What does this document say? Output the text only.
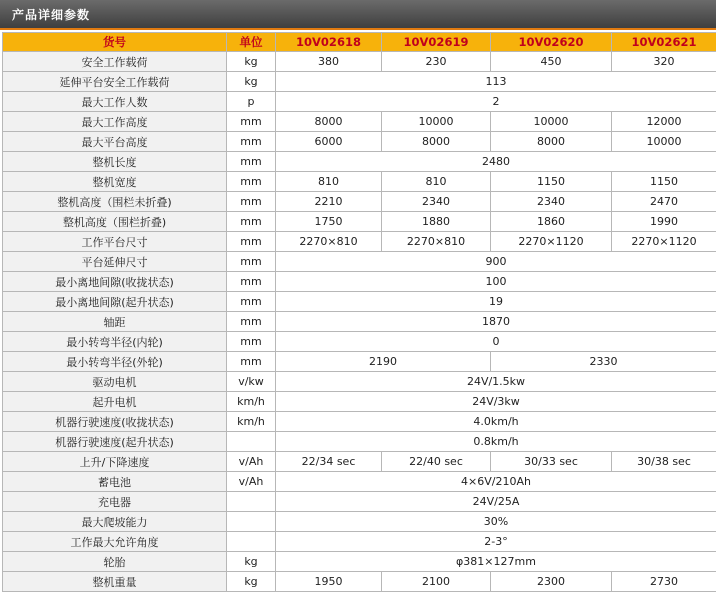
产品详细参数
货号	单位	10V02618	10V02619	10V02620	10V02621
安全工作载荷	kg	380	230	450	320
延伸平台安全工作载荷	kg	113			
最大工作人数	p	2			
最大工作高度	mm	8000	10000	10000	12000
最大平台高度	mm	6000	8000	8000	10000
整机长度	mm	2480			
整机宽度	mm	810	810	1150	1150
整机高度（围栏未折叠)	mm	2210	2340	2340	2470
整机高度（围栏折叠)	mm	1750	1880	1860	1990
工作平台尺寸	mm	2270×810	2270×810	2270×1120	2270×1120
平台延伸尺寸	mm	900			
最小离地间隙(收拢状态)	mm	100			
最小离地间隙(起升状态)	mm	19			
轴距	mm	1870			
最小转弯半径(内轮)	mm	0			
最小转弯半径(外轮)	mm	2190		2330	
驱动电机	v/kw	24V/1.5kw			
起升电机	km/h	24V/3kw			
机器行驶速度(收拢状态)	km/h	4.0km/h			
机器行驶速度(起升状态)		0.8km/h			
上升/下降速度	v/Ah	22/34 sec	22/40 sec	30/33 sec	30/38 sec
蓄电池	v/Ah	4×6V/210Ah			
充电器		24V/25A			
最大爬坡能力		30%			
工作最大允许角度		2-3°			
轮胎	kg	φ381×127mm			
整机重量	kg	1950	2100	2300	2730
